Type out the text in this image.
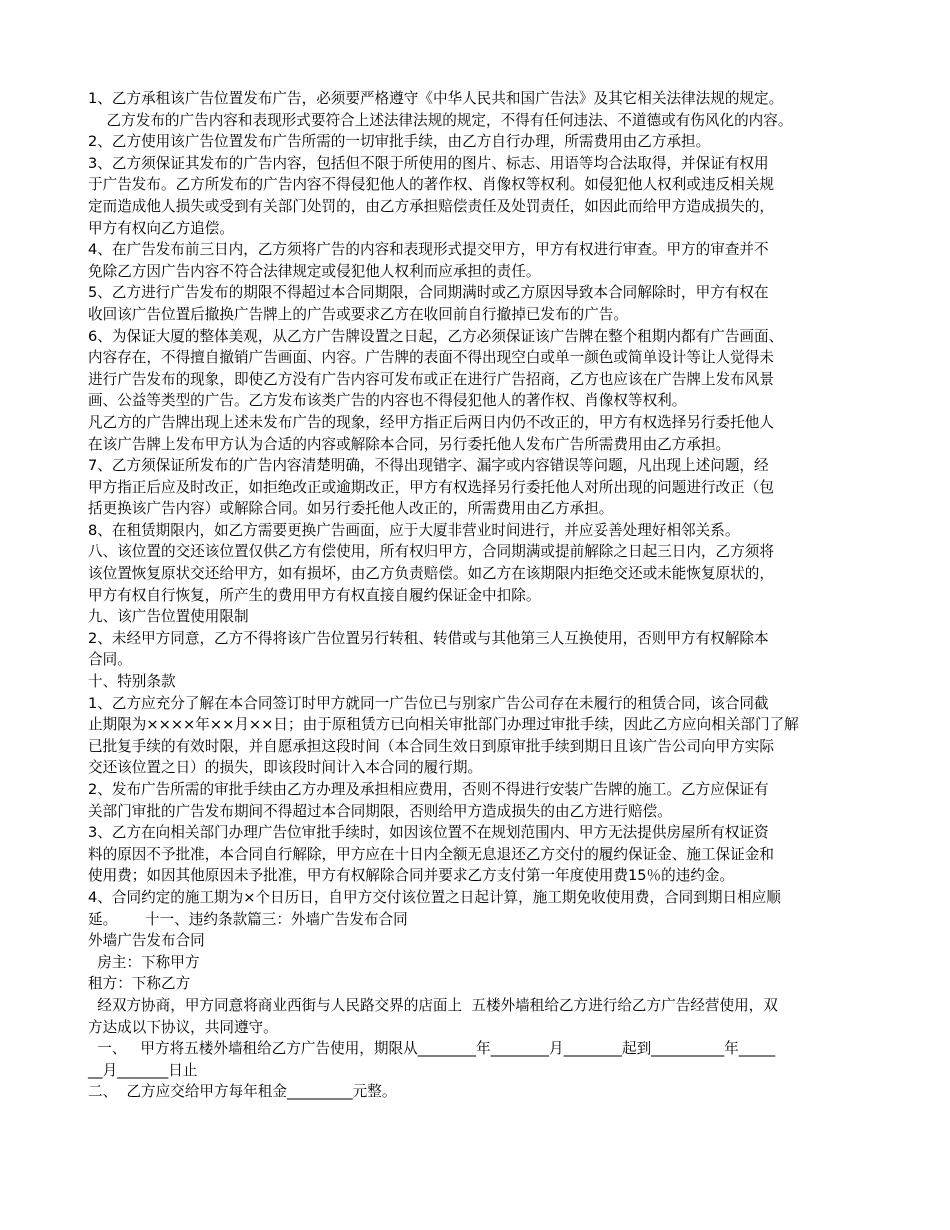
1、乙方承租该广告位置发布广告，必须要严格遵守《中华人民共和国广告法》及其它相关法律法规的规定。
乙方发布的广告内容和表现形式要符合上述法律法规的规定，不得有任何违法、不道德或有伤风化的内容。
2、乙方使用该广告位置发布广告所需的一切审批手续，由乙方自行办理，所需费用由乙方承担。
3、乙方须保证其发布的广告内容，包括但不限于所使用的图片、标志、用语等均合法取得，并保证有权用
于广告发布。乙方所发布的广告内容不得侵犯他人的著作权、肖像权等权利。如侵犯他人权利或违反相关规
定而造成他人损失或受到有关部门处罚的，由乙方承担赔偿责任及处罚责任，如因此而给甲方造成损失的，
甲方有权向乙方追偿。
4、在广告发布前三日内，乙方须将广告的内容和表现形式提交甲方，甲方有权进行审查。甲方的审查并不
免除乙方因广告内容不符合法律规定或侵犯他人权利而应承担的责任。
5、乙方进行广告发布的期限不得超过本合同期限，合同期满时或乙方原因导致本合同解除时，甲方有权在
收回该广告位置后撤换广告牌上的广告或要求乙方在收回前自行撤掉已发布的广告。
6、为保证大厦的整体美观，从乙方广告牌设置之日起，乙方必须保证该广告牌在整个租期内都有广告画面、
内容存在，不得擅自撤销广告画面、内容。广告牌的表面不得出现空白或单一颜色或简单设计等让人觉得未
进行广告发布的现象，即使乙方没有广告内容可发布或正在进行广告招商，乙方也应该在广告牌上发布风景
画、公益等类型的广告。乙方发布该类广告的内容也不得侵犯他人的著作权、肖像权等权利。
凡乙方的广告牌出现上述未发布广告的现象，经甲方指正后两日内仍不改正的，甲方有权选择另行委托他人
在该广告牌上发布甲方认为合适的内容或解除本合同，另行委托他人发布广告所需费用由乙方承担。
7、乙方须保证所发布的广告内容清楚明确，不得出现错字、漏字或内容错误等问题，凡出现上述问题，经
甲方指正后应及时改正，如拒绝改正或逾期改正，甲方有权选择另行委托他人对所出现的问题进行改正（包
括更换该广告内容）或解除合同。如另行委托他人改正的，所需费用由乙方承担。
8、在租赁期限内，如乙方需要更换广告画面，应于大厦非营业时间进行，并应妥善处理好相邻关系。
八、该位置的交还该位置仅供乙方有偿使用，所有权归甲方，合同期满或提前解除之日起三日内，乙方须将
该位置恢复原状交还给甲方，如有损坏，由乙方负责赔偿。如乙方在该期限内拒绝交还或未能恢复原状的，
甲方有权自行恢复，所产生的费用甲方有权直接自履约保证金中扣除。
九、该广告位置使用限制
2、未经甲方同意，乙方不得将该广告位置另行转租、转借或与其他第三人互换使用，否则甲方有权解除本
合同。
十、特别条款
1、乙方应充分了解在本合同签订时甲方就同一广告位已与别家广告公司存在未履行的租赁合同，该合同截
止期限为××××年××月××日；由于原租赁方已向相关审批部门办理过审批手续，因此乙方应向相关部门了解
已批复手续的有效时限，并自愿承担这段时间（本合同生效日到原审批手续到期日且该广告公司向甲方实际
交还该位置之日）的损失，即该段时间计入本合同的履行期。
2、发布广告所需的审批手续由乙方办理及承担相应费用，否则不得进行安装广告牌的施工。乙方应保证有
关部门审批的广告发布期间不得超过本合同期限，否则给甲方造成损失的由乙方进行赔偿。
3、乙方在向相关部门办理广告位审批手续时，如因该位置不在规划范围内、甲方无法提供房屋所有权证资
料的原因不予批准，本合同自行解除，甲方应在十日内全额无息退还乙方交付的履约保证金、施工保证金和
使用费；如因其他原因未予批准，甲方有权解除合同并要求乙方支付第一年度使用费15％的违约金。
4、合同约定的施工期为×个日历日，自甲方交付该位置之日起计算，施工期免收使用费，合同到期日相应顺
延。      十一、违约条款篇三：外墙广告发布合同
外墙广告发布合同
房主：下称甲方
租方：下称乙方
经双方协商，甲方同意将商业西街与人民路交界的店面上  五楼外墙租给乙方进行给乙方广告经营使用，双
方达成以下协议，共同遵守。
一、   甲方将五楼外墙租给乙方广告使用，期限从________年________月________起到__________年_____
__月_______日止
二、  乙方应交给甲方每年租金_________元整。
